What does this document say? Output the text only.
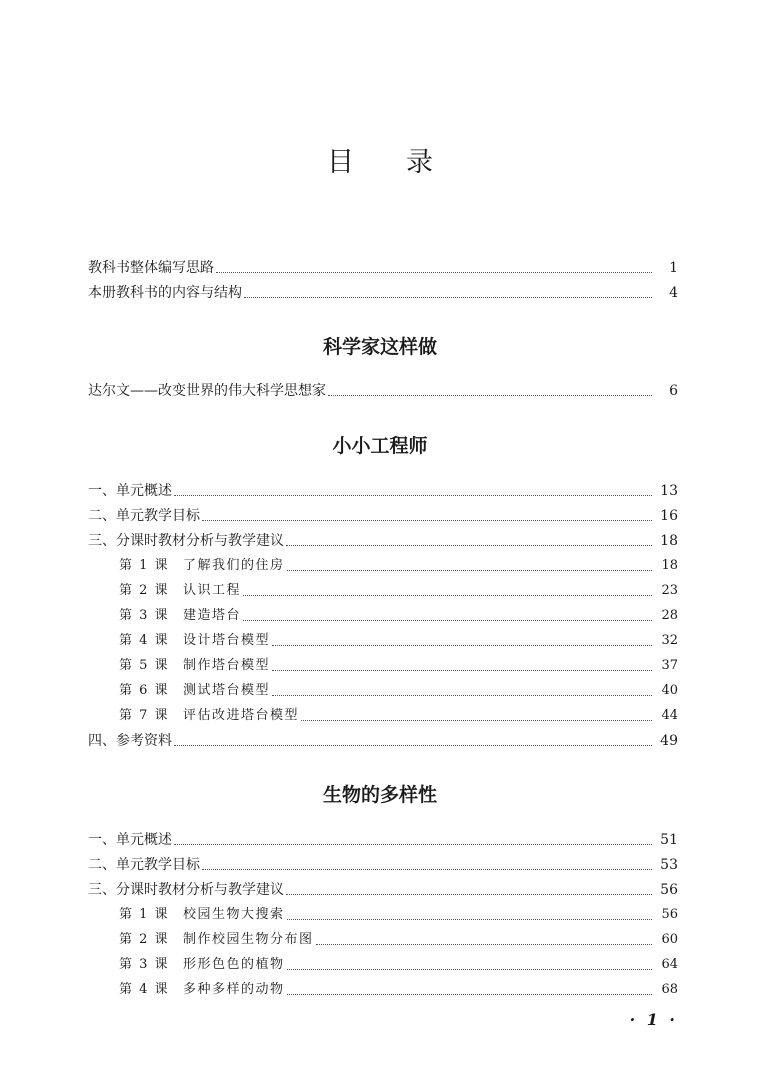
目录
教科书整体编写思路	1
本册教科书的内容与结构	4
科学家这样做
达尔文——改变世界的伟大科学思想家	6
小小工程师
一、单元概述	13
二、单元教学目标	16
三、分课时教材分析与教学建议	18
第 1 课	了解我们的住房	18
第 2 课	认识工程	23
第 3 课	建造塔台	28
第 4 课	设计塔台模型	32
第 5 课	制作塔台模型	37
第 6 课	测试塔台模型	40
第 7 课	评估改进塔台模型	44
四、参考资料	49
生物的多样性
一、单元概述	51
二、单元教学目标	53
三、分课时教材分析与教学建议	56
第 1 课	校园生物大搜索	56
第 2 课	制作校园生物分布图	60
第 3 课	形形色色的植物	64
第 4 课	多种多样的动物	68
· 1 ·
